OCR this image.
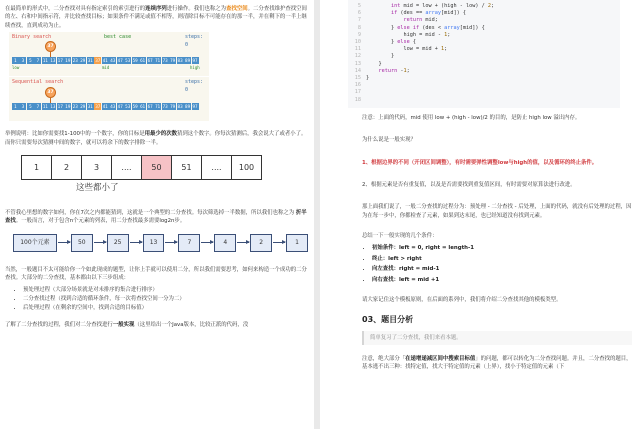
在最简单的形式中，二分查找对具有指定索引的索引进行的连续序列进行操作。我们也称之为查找空间。二分查找维护查找空间的左、右和中间指示符，并比较查找目标；如果条件不满足或值不相等，则清除目标不可能存在的那一半，并在剩下的一半上继续查找，直到成功为止。

Binary search	best case	steps: 0
37
1	3	5	7 11 13 17 19 23 29 31 37 41 43 47 53 59 61 67 71 73 79 83 89 97
low	mid	high
Sequential search	steps: 0
37
1	3	5	7 11 13 17 19 23 29 31 37 41 43 47 53 59 61 67 71 73 79 83 89 97

举例说明：比如你需要找1-100中的一个数字，你的目标是用最少的次数猜到这个数字。你每次猜测后，我会说大了或者小了。而你只需要每次猜测中间的数字，就可以将余下的数字排除一半。

1	2	3	....	50	51	....	100
这些都小了

不管我心里想的数字如何，你在7次之内都能猜到，这就是一个典型的二分查找。每次筛选掉一半数据，所以我们也称之为 折半查找。一般而言，对于包含n个元素的列表，用二分查找最多需要log2n步。

100个元素	50	25	13	7	4	2	1

当然，一般题目不太可能给你一个如此现成的题型，让你上手就可以使用二分，所以我们需要思考，如何来构造一个成功的二分查找。大部分的二分查找，基本都由以下三步组成：

• 预处理过程（大部分场景就是对未排序的集合进行排序）
• 二分查找过程（找到合适的循环条件，每一次将查找空间一分为二）
• 后处理过程（在剩余的空间中，找到合适的目标值）

了解了二分查找的过程，我们对二分查找进行一般实现（这里给出一个Java版本，比较正派的代码，没

5
6
7
8
9
10
11
12
13
14
15
16
17
18
int mid = low + (high - low) / 2;
if (des == array[mid]) {
return mid;
} else if (des < array[mid]) {
high = mid - 1;
} else {
low = mid + 1;
}
}
return -1;
}

注意：上面的代码，mid 使用 low + (high - low)/2 的目的，是防止 high low 溢出内存。

为什么说是一般实现？

1、根据边界的不同（开闭区间调整），有时需要弹性调整low与high的值，以及循环的终止条件。

2、根据元素是否有重复值，以及是否需要找到重复值区间，有时需要对原算法进行改进。

那上面我们说了，一般二分查找的过程分为：预处理 - 二分查找 - 后处理，上面的代码，就没有后处理的过程，因为在每一步中，你都检查了元素，如果到达末尾，也已经知道没有找到元素。

总结一下一般实现的几个条件：

• 初始条件：left = 0, right = length-1
• 终止：left > right
• 向左查找：right = mid-1
• 向右查找：left = mid +1

请大家记住这个模板原则，在后面的系列中，我们将介绍二分查找其他的模板类型。

03、题目分析
简单复习了二分查找，我们来看本题。

注意，绝大部分「在递增递减区间中搜索目标值」的问题，都可以转化为二分查找问题。并且，二分查找的题目，基本逃不出三种：找特定值，找大于特定值的元素（上界），找小于特定值的元素（下
